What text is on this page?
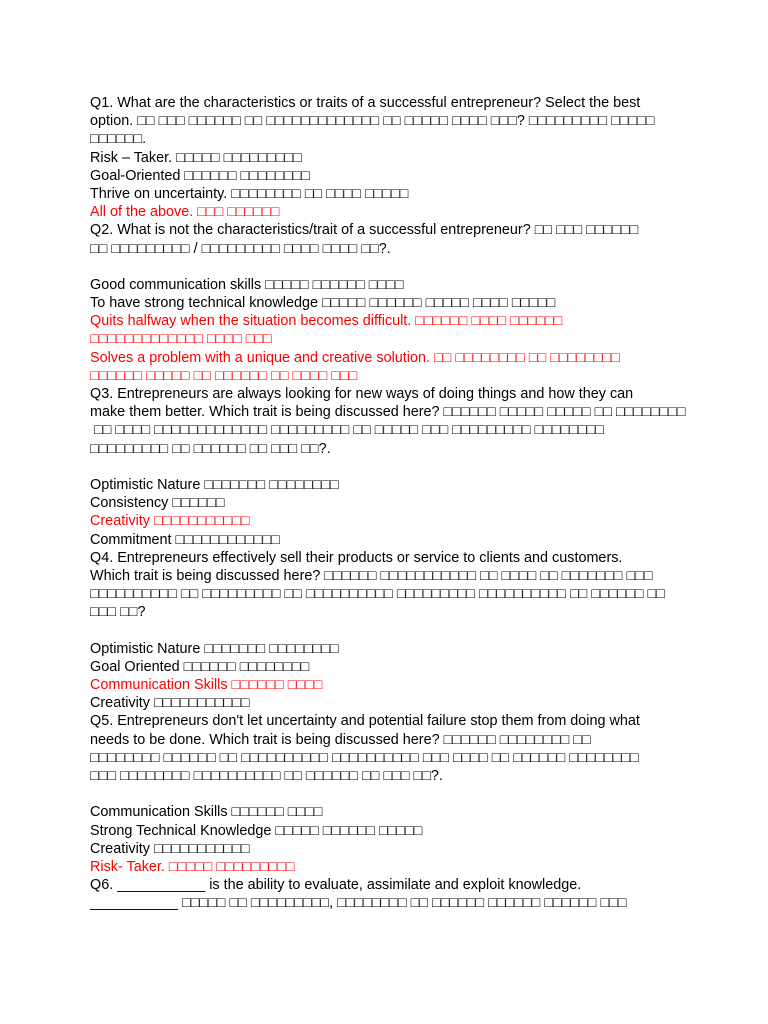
Q1. What are the characteristics or traits of a successful entrepreneur? Select the best
option. □□ □□□ □□□□□□ □□ □□□□□□□□□□□□□ □□ □□□□□ □□□□ □□□? □□□□□□□□□ □□□□□
□□□□□□.
Risk – Taker. □□□□□ □□□□□□□□□
Goal-Oriented □□□□□□ □□□□□□□□
Thrive on uncertainty. □□□□□□□□ □□ □□□□ □□□□□
All of the above. □□□ □□□□□□
Q2. What is not the characteristics/trait of a successful entrepreneur? □□ □□□ □□□□□□
□□ □□□□□□□□□ / □□□□□□□□□ □□□□ □□□□ □□?.
Good communication skills □□□□□ □□□□□□ □□□□
To have strong technical knowledge □□□□□ □□□□□□ □□□□□ □□□□ □□□□□
Quits halfway when the situation becomes difficult. □□□□□□ □□□□ □□□□□□
□□□□□□□□□□□□□ □□□□ □□□
Solves a problem with a unique and creative solution. □□ □□□□□□□□ □□ □□□□□□□□
□□□□□□ □□□□□ □□ □□□□□□ □□ □□□□ □□□
Q3. Entrepreneurs are always looking for new ways of doing things and how they can
make them better. Which trait is being discussed here? □□□□□□ □□□□□ □□□□□ □□ □□□□□□□□
□□ □□□□ □□□□□□□□□□□□□ □□□□□□□□□ □□ □□□□□ □□□ □□□□□□□□□ □□□□□□□□
□□□□□□□□□ □□ □□□□□□ □□ □□□ □□?.
Optimistic Nature □□□□□□□ □□□□□□□□
Consistency □□□□□□
Creativity □□□□□□□□□□□
Commitment □□□□□□□□□□□□
Q4. Entrepreneurs effectively sell their products or service to clients and customers.
Which trait is being discussed here? □□□□□□ □□□□□□□□□□□ □□ □□□□ □□ □□□□□□□ □□□
□□□□□□□□□□ □□ □□□□□□□□□ □□ □□□□□□□□□□ □□□□□□□□□ □□□□□□□□□□ □□ □□□□□□ □□
□□□ □□?
Optimistic Nature □□□□□□□ □□□□□□□□
Goal Oriented □□□□□□ □□□□□□□□
Communication Skills □□□□□□ □□□□
Creativity □□□□□□□□□□□
Q5. Entrepreneurs don't let uncertainty and potential failure stop them from doing what
needs to be done. Which trait is being discussed here? □□□□□□ □□□□□□□□ □□
□□□□□□□□ □□□□□□ □□ □□□□□□□□□□ □□□□□□□□□□ □□□ □□□□ □□ □□□□□□ □□□□□□□□
□□□ □□□□□□□□ □□□□□□□□□□ □□ □□□□□□ □□ □□□ □□?.
Communication Skills □□□□□□ □□□□
Strong Technical Knowledge □□□□□ □□□□□□ □□□□□
Creativity □□□□□□□□□□□
Risk- Taker. □□□□□ □□□□□□□□□
Q6. ___________ is the ability to evaluate, assimilate and exploit knowledge.
___________ □□□□□ □□ □□□□□□□□□, □□□□□□□□ □□ □□□□□□ □□□□□□ □□□□□□ □□□
